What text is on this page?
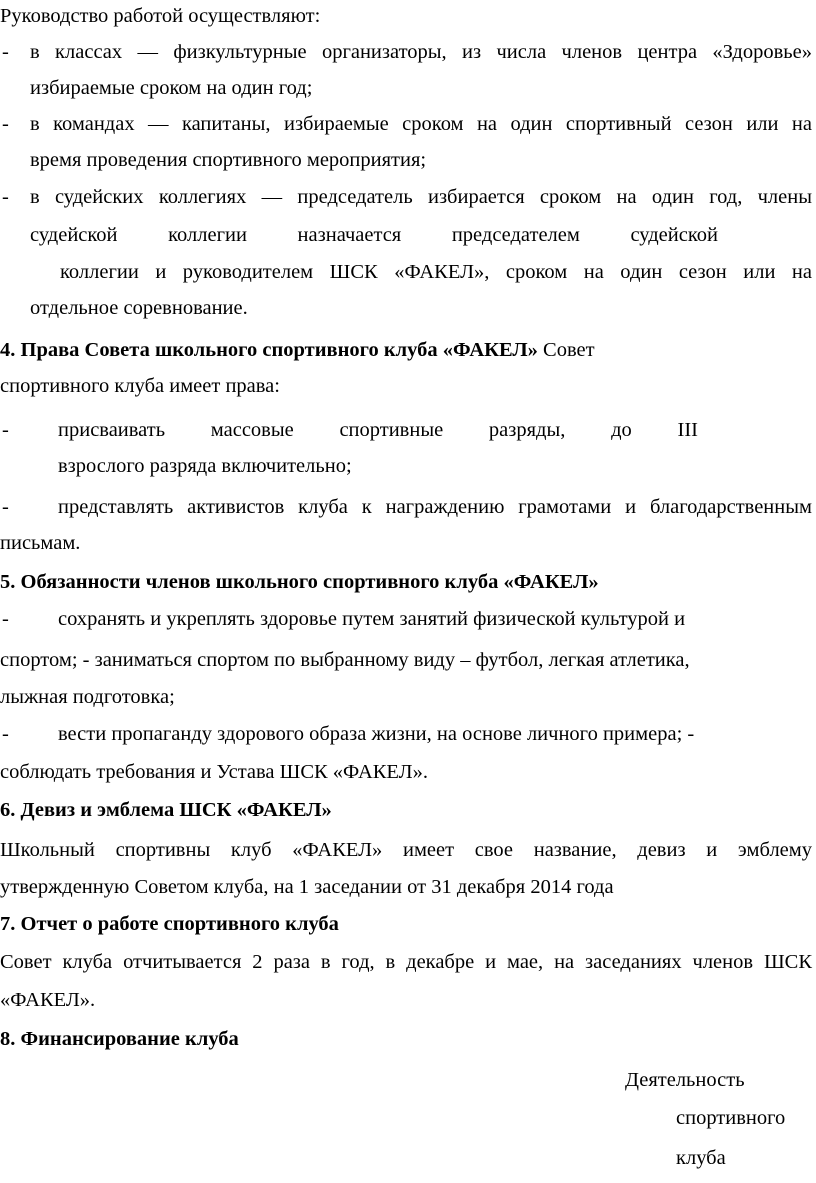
Руководство работой осуществляют:
- в классах — физкультурные организаторы, из числа членов центра «Здоровье»
избираемые сроком на один год;
- в командах — капитаны, избираемые сроком на один спортивный сезон или на
время проведения спортивного мероприятия;
- в судейских коллегиях — председатель избирается сроком на один год, члены
судейской коллегии назначается председателем судейской
коллегии и руководителем ШСК «ФАКЕЛ», сроком на один сезон или на
отдельное соревнование.
4. Права Совета школьного спортивного клуба «ФАКЕЛ» Совет
спортивного клуба имеет права:
- присваивать массовые спортивные разряды, до III
взрослого разряда включительно;
- представлять активистов клуба к награждению грамотами и благодарственным
письмам.
5. Обязанности членов школьного спортивного клуба «ФАКЕЛ»
- сохранять и укреплять здоровье путем занятий физической культурой и
спортом; - заниматься спортом по выбранному виду – футбол, легкая атлетика,
лыжная подготовка;
- вести пропаганду здорового образа жизни, на основе личного примера; -
соблюдать требования и Устава ШСК «ФАКЕЛ».
6. Девиз и эмблема ШСК «ФАКЕЛ»
Школьный спортивны клуб «ФАКЕЛ» имеет свое название, девиз и эмблему
утвержденную Советом клуба, на 1 заседании от 31 декабря 2014 года
7. Отчет о работе спортивного клуба
Совет клуба отчитывается 2 раза в год, в декабре и мае, на заседаниях членов ШСК
«ФАКЕЛ».
8. Финансирование клуба
Деятельность
спортивного
клуба
